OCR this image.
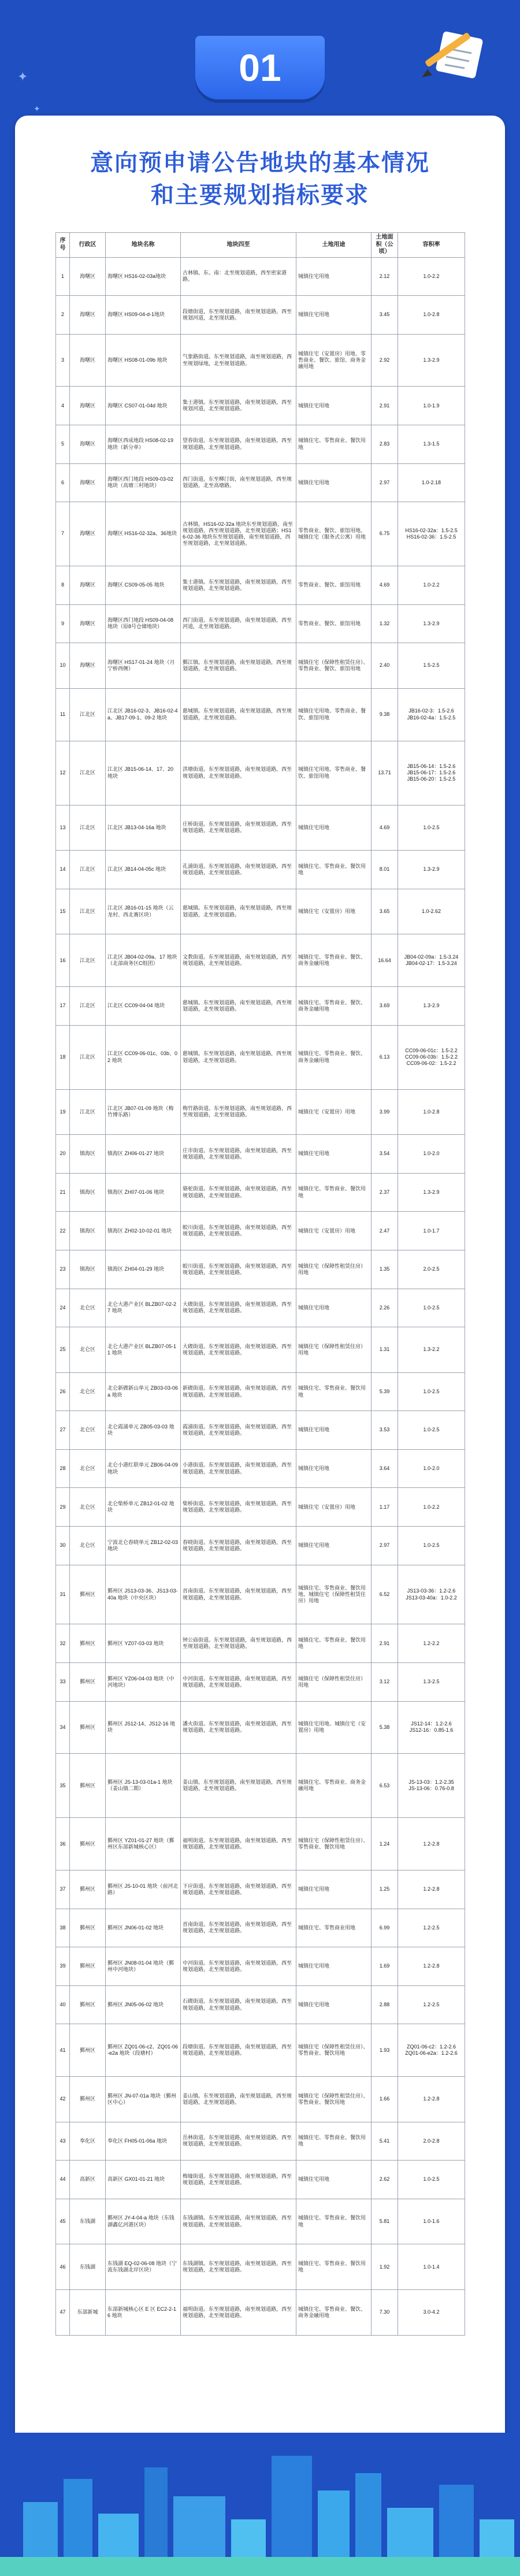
✦
✦
01
意向预申请公告地块的基本情况
和主要规划指标要求
序号	行政区	地块名称	地块四至	土地用途	土地面积（公顷）	容积率
1	海曙区	海曙区 HS16-02-03a地块	古林镇。东、南：北至规划道路，西至密家港路。	城镇住宅用地	2.12	1.0-2.2
2	海曙区	海曙区 HS09-04-d-1地块	段塘街道，东至规划道路，南至规划道路，西至规划河道，北至现状路。	城镇住宅用地	3.45	1.0-2.8
3	海曙区	海曙区 HS08-01-09b 地块	气象路街道。东至规划道路，南至规划道路，西至规划绿地，北至规划道路。	城镇住宅（安置房）用地、零售商业、餐饮、旅馆、商务金融用地	2.92	1.3-2.9
4	海曙区	海曙区 CS07-01-04d 地块	集士港镇。东至规划道路，南至规划道路，西至规划河道，北至规划道路。	城镇住宅用地	2.91	1.0-1.9
5	海曙区	海曙区西成地段 HS08-02-19 地块（新分单）	望春街道。东至规划道路，南至规划道路，西至规划道路，北至规划道路。	城镇住宅、零售商业、餐饮用地	2.83	1.3-1.5
6	海曙区	海曙区西门地段 HS09-03-02 地块（高塘三村地块）	西门街道。东至柳汀街，南至规划道路，西至规划道路，北至高塘路。	城镇住宅用地	2.97	1.0-2.18
7	海曙区	海曙区 HS16-02-32a、36地块	古林镇。HS16-02-32a 地块东至规划道路，南至规划道路，西至规划道路，北至规划道路；HS16-02-36 地块东至规划道路，南至规划道路，西至规划道路，北至规划道路。	零售商业、餐饮、旅馆用地、城镇住宅（服务式公寓）用地	6.75	HS16-02-32a：1.5-2.5
HS16-02-36：1.5-2.5
8	海曙区	海曙区 CS09-05-05 地块	集士港镇。东至规划道路，南至规划道路，西至规划道路，北至规划道路。	零售商业、餐饮、旅馆用地	4.69	1.0-2.2
9	海曙区	海曙区西门地段 HS09-04-08 地块（原8号仓储地块）	西门街道。东至规划道路，南至规划道路，西至河道，北至规划道路。	零售商业、餐饮、旅馆用地	1.32	1.3-2.9
10	海曙区	海曙区 HS17-01-24 地块（月宁桥西侧）	鄞江镇。东至规划道路，南至规划道路，西至规划道路，北至规划道路。	城镇住宅（保障性租赁住房）、零售商业、餐饮、旅馆用地	2.40	1.5-2.5
11	江北区	江北区 JB16-02-3、JB16-02-4a、JB17-09-1、09-2 地块	慈城镇。东至规划道路，南至规划道路，西至规划道路，北至规划道路。	城镇住宅用地、零售商业、餐饮、旅馆用地	9.38	JB16-02-3：1.5-2.6
JB16-02-4a：1.5-2.5
12	江北区	江北区 JB15-06-14、17、20 地块	洪塘街道。东至规划道路，南至规划道路，西至规划道路，北至规划道路。	城镇住宅用地、零售商业、餐饮、旅馆用地	13.71	JB15-06-14：1.5-2.6
JB15-06-17：1.5-2.6
JB15-06-20：1.5-2.5
13	江北区	江北区 JB13-04-16a 地块	庄桥街道。东至规划道路，南至规划道路，西至规划道路，北至规划道路。	城镇住宅用地	4.69	1.0-2.5
14	江北区	江北区 JB14-04-05c 地块	孔浦街道。东至规划道路，南至规划道路，西至规划道路，北至规划道路。	城镇住宅、零售商业、餐饮用地	8.01	1.3-2.9
15	江北区	江北区 JB16-01-15 地块（云龙村、西北赛区块）	慈城镇。东至规划道路，南至规划道路，西至规划道路，北至规划道路。	城镇住宅（安置房）用地	3.65	1.0-2.62
16	江北区	江北区 JB04-02-09a、17 地块（北部商务区C组团）	文教街道。东至规划道路，南至规划道路，西至规划道路，北至规划道路。	城镇住宅、零售商业、餐饮、商务金融用地	16.64	JB04-02-09a：1.5-3.24
JB04-02-17：1.5-3.24
17	江北区	江北区 CC09-04-04 地块	慈城镇。东至规划道路，南至规划道路，西至规划道路，北至规划道路。	城镇住宅、零售商业、餐饮、商务金融用地	3.69	1.3-2.9
18	江北区	江北区 CC09-06-01c、03b、02 地块	慈城镇。东至规划道路，南至规划道路，西至规划道路，北至规划道路。	城镇住宅、零售商业、餐饮、商务金融用地	6.13	CC09-06-01c：1.5-2.2
CC09-06-03b：1.5-2.2
CC09-06-02：1.5-2.2
19	江北区	江北区 JB07-01-09 地块（梅竹博乐路）	梅竹路街道。东至规划道路，南至规划道路，西至规划道路，北至规划道路。	城镇住宅（安置房）用地	3.99	1.0-2.8
20	镇海区	镇海区 ZH06-01-27 地块	庄市街道。东至规划道路，南至规划道路，西至规划道路，北至规划道路。	城镇住宅用地	3.54	1.0-2.0
21	镇海区	镇海区 ZH07-01-06 地块	骆驼街道。东至规划道路，南至规划道路，西至规划道路，北至规划道路。	城镇住宅、零售商业、餐饮用地	2.37	1.3-2.9
22	镇海区	镇海区 ZH02-10-02-01 地块	蛟川街道。东至规划道路，南至规划道路，西至规划道路，北至规划道路。	城镇住宅（安置房）用地	2.47	1.0-1.7
23	镇海区	镇海区 ZH04-01-29 地块	蛟川街道。东至规划道路，南至规划道路，西至规划道路，北至规划道路。	城镇住宅（保障性租赁住房）用地	1.35	2.0-2.5
24	北仑区	北仑大港产业区 BLZB07-02-27 地块	大碶街道。东至规划道路，南至规划道路，西至规划道路，北至规划道路。	城镇住宅用地	2.26	1.0-2.5
25	北仑区	北仑大港产业区 BLZB07-05-11 地块	大碶街道。东至规划道路，南至规划道路，西至规划道路，北至规划道路。	城镇住宅（保障性租赁住房）用地	1.31	1.3-2.2
26	北仑区	北仑新碶新山单元 ZB03-03-06a 地块	新碶街道。东至规划道路，南至规划道路，西至规划道路，北至规划道路。	城镇住宅、零售商业、餐饮用地	5.39	1.0-2.5
27	北仑区	北仑霞浦单元 ZB05-03-03 地块	霞浦街道。东至规划道路，南至规划道路，西至规划道路，北至规划道路。	城镇住宅用地	3.53	1.0-2.5
28	北仑区	北仑小港红联单元 ZB06-04-09 地块	小港街道。东至规划道路，南至规划道路，西至规划道路，北至规划道路。	城镇住宅用地	3.64	1.0-2.0
29	北仑区	北仑柴桥单元 ZB12-01-02 地块	柴桥街道。东至规划道路，南至规划道路，西至规划道路，北至规划道路。	城镇住宅（安置房）用地	1.17	1.0-2.2
30	北仑区	宁波北仑春晓单元 ZB12-02-03 地块	春晓街道。东至规划道路，南至规划道路，西至规划道路，北至规划道路。	城镇住宅用地	2.97	1.0-2.5
31	鄞州区	鄞州区 JS13-03-36、JS13-03-40a 地块（中央区块）	首南街道。东至规划道路，南至规划道路，西至规划道路，北至规划道路。	城镇住宅、零售商业、餐饮用地、城镇住宅（保障性租赁住房）用地	6.52	JS13-03-36：1.2-2.6
JS13-03-40a：1.0-2.2
32	鄞州区	鄞州区 YZ07-03-03 地块	钟公庙街道。东至规划道路，南至规划道路，西至规划道路，北至规划道路。	城镇住宅、零售商业、餐饮用地	2.91	1.2-2.2
33	鄞州区	鄞州区 YZ06-04-03 地块（中河地块）	中河街道。东至规划道路，南至规划道路，西至规划道路，北至规划道路。	城镇住宅（保障性租赁住房）用地	3.12	1.3-2.5
34	鄞州区	鄞州区 JS12-14、JS12-16 地块	潘火街道。东至规划道路，南至规划道路，西至规划道路，北至规划道路。	城镇住宅用地、城镇住宅（安置房）用地	5.38	JS12-14：1.2-2.6
JS12-16：0.85-1.6
35	鄞州区	鄞州区 JS-13-03-01a-1 地块（姜山镇二期）	姜山镇。东至规划道路，南至规划道路，西至规划道路，北至规划道路。	城镇住宅、零售商业、商务金融用地	6.53	JS-13-03：1.2-2.35
JS-13-06：0.76-0.8
36	鄞州区	鄞州区 YZ01-01-27 地块（鄞州区东部新城核心区）	福明街道。东至规划道路，南至规划道路，西至规划道路，北至规划道路。	城镇住宅（保障性租赁住房）、零售商业、餐饮用地	1.24	1.2-2.8
37	鄞州区	鄞州区 JS-10-01 地块（前河北路）	下应街道。东至规划道路，南至规划道路，西至规划道路，北至规划道路。	城镇住宅用地	1.25	1.2-2.8
38	鄞州区	鄞州区 JN06-01-02 地块	首南街道。东至规划道路，南至规划道路，西至规划道路，北至规划道路。	城镇住宅、零售商业用地	6.99	1.2-2.5
39	鄞州区	鄞州区 JN08-01-04 地块（鄞州中河地块）	中河街道。东至规划道路，南至规划道路，西至规划道路，北至规划道路。	城镇住宅用地	1.69	1.2-2.8
40	鄞州区	鄞州区 JN05-06-02 地块	石碶街道。东至规划道路，南至规划道路，西至规划道路，北至规划道路。	城镇住宅用地	2.88	1.2-2.5
41	鄞州区	鄞州区 ZQ01-06-c2、ZQ01-06-e2a 地块（段塘村）	段塘街道。东至规划道路，南至规划道路，西至规划道路，北至规划道路。	城镇住宅（保障性租赁住房）、零售商业、餐饮用地	1.93	ZQ01-06-c2：1.2-2.6
ZQ01-06-e2a：1.2-2.6
42	鄞州区	鄞州区 JN-07-01a 地块（鄞州区中心）	姜山镇。东至规划道路，南至规划道路，西至规划道路，北至规划道路。	城镇住宅（保障性租赁住房）、零售商业、餐饮用地	1.66	1.2-2.8
43	奉化区	奉化区 FH05-01-06a 地块	岳林街道。东至规划道路，南至规划道路，西至规划道路，北至规划道路。	城镇住宅、零售商业、餐饮用地	5.41	2.0-2.8
44	高新区	高新区 GX01-01-21 地块	梅墟街道。东至规划道路，南至规划道路，西至规划道路，北至规划道路。	城镇住宅用地	2.62	1.0-2.5
45	东钱湖	鄞州区 JY-4-04-a 地块（东钱湖鑫亿河港区块）	东钱湖镇。东至规划道路，南至规划道路，西至规划道路，北至规划道路。	城镇住宅、零售商业、餐饮用地	5.81	1.0-1.6
46	东钱湖	东钱湖 EQ-02-06-08 地块（宁波东钱湖北岸区块）	东钱湖镇。东至规划道路，南至规划道路，西至规划道路，北至规划道路。	城镇住宅、零售商业、餐饮用地	1.92	1.0-1.4
47	东部新城	东部新城核心区 E 区 EC2-2-16 地块	福明街道。东至规划道路，南至规划道路，西至规划道路，北至规划道路。	城镇住宅、零售商业、餐饮、商务金融用地	7.30	3.0-4.2
